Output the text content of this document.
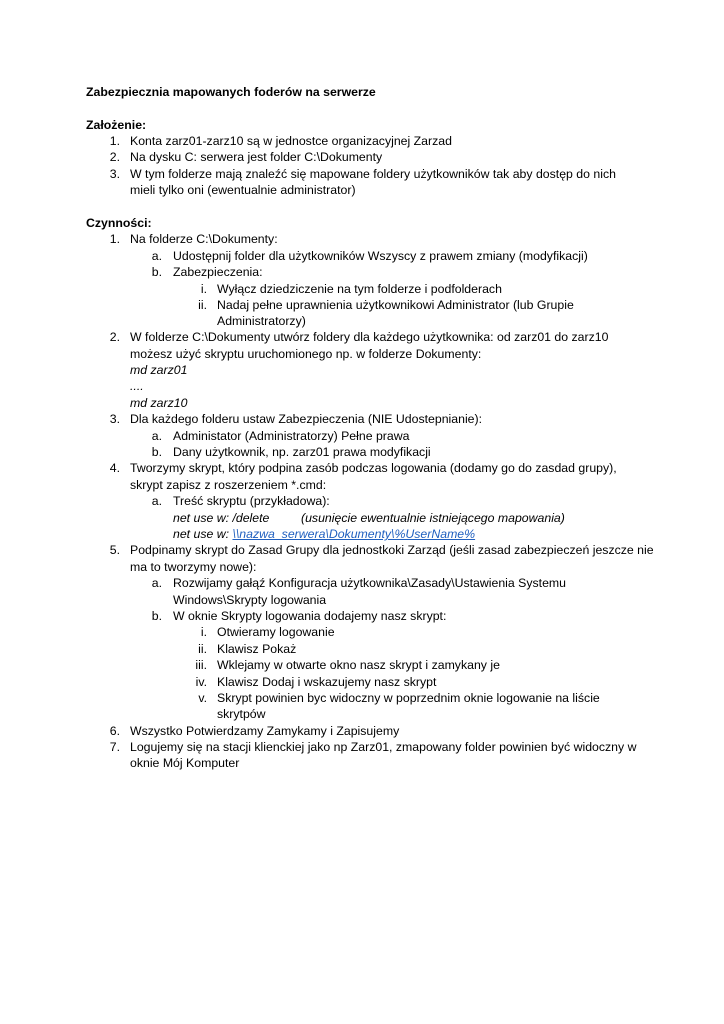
Zabezpiecznia mapowanych foderów na serwerze
Założenie:
1. Konta zarz01-zarz10 są w jednostce organizacyjnej Zarzad
2. Na dysku C: serwera jest folder C:\Dokumenty
3. W tym folderze mają znaleźć się mapowane foldery użytkowników tak aby dostęp do nich
mieli tylko oni (ewentualnie administrator)
Czynności:
1. Na folderze C:\Dokumenty:
a. Udostępnij folder dla użytkowników Wszyscy z prawem zmiany (modyfikacji)
b. Zabezpieczenia:
i. Wyłącz dziedziczenie na tym folderze i podfolderach
ii. Nadaj pełne uprawnienia użytkownikowi Administrator (lub Grupie
Administratorzy)
2. W folderze C:\Dokumenty utwórz foldery dla każdego użytkownika: od zarz01 do zarz10
możesz użyć skryptu uruchomionego np. w folderze Dokumenty:
md zarz01
....
md zarz10
3. Dla każdego folderu ustaw Zabezpieczenia (NIE Udostepnianie):
a. Administator (Administratorzy) Pełne prawa
b. Dany użytkownik, np. zarz01 prawa modyfikacji
4. Tworzymy skrypt, który podpina zasób podczas logowania (dodamy go do zasdad grupy),
skrypt zapisz z roszerzeniem *.cmd:
a. Treść skryptu (przykładowa):
net use w: /delete	(usunięcie ewentualnie istniejącego mapowania)
net use w: \\nazwa_serwera\Dokumenty\%UserName%
5. Podpinamy skrypt do Zasad Grupy dla jednostkoki Zarząd (jeśli zasad zabezpieczeń jeszcze nie
ma to tworzymy nowe):
a. Rozwijamy gałąź Konfiguracja użytkownika\Zasady\Ustawienia Systemu
Windows\Skrypty logowania
b. W oknie Skrypty logowania dodajemy nasz skrypt:
i. Otwieramy logowanie
ii. Klawisz Pokaż
iii. Wklejamy w otwarte okno nasz skrypt i zamykany je
iv. Klawisz Dodaj i wskazujemy nasz skrypt
v. Skrypt powinien byc widoczny w poprzednim oknie logowanie na liście
skrytpów
6. Wszystko Potwierdzamy Zamykamy i Zapisujemy
7. Logujemy się na stacji klienckiej jako np Zarz01, zmapowany folder powinien być widoczny w
oknie Mój Komputer
